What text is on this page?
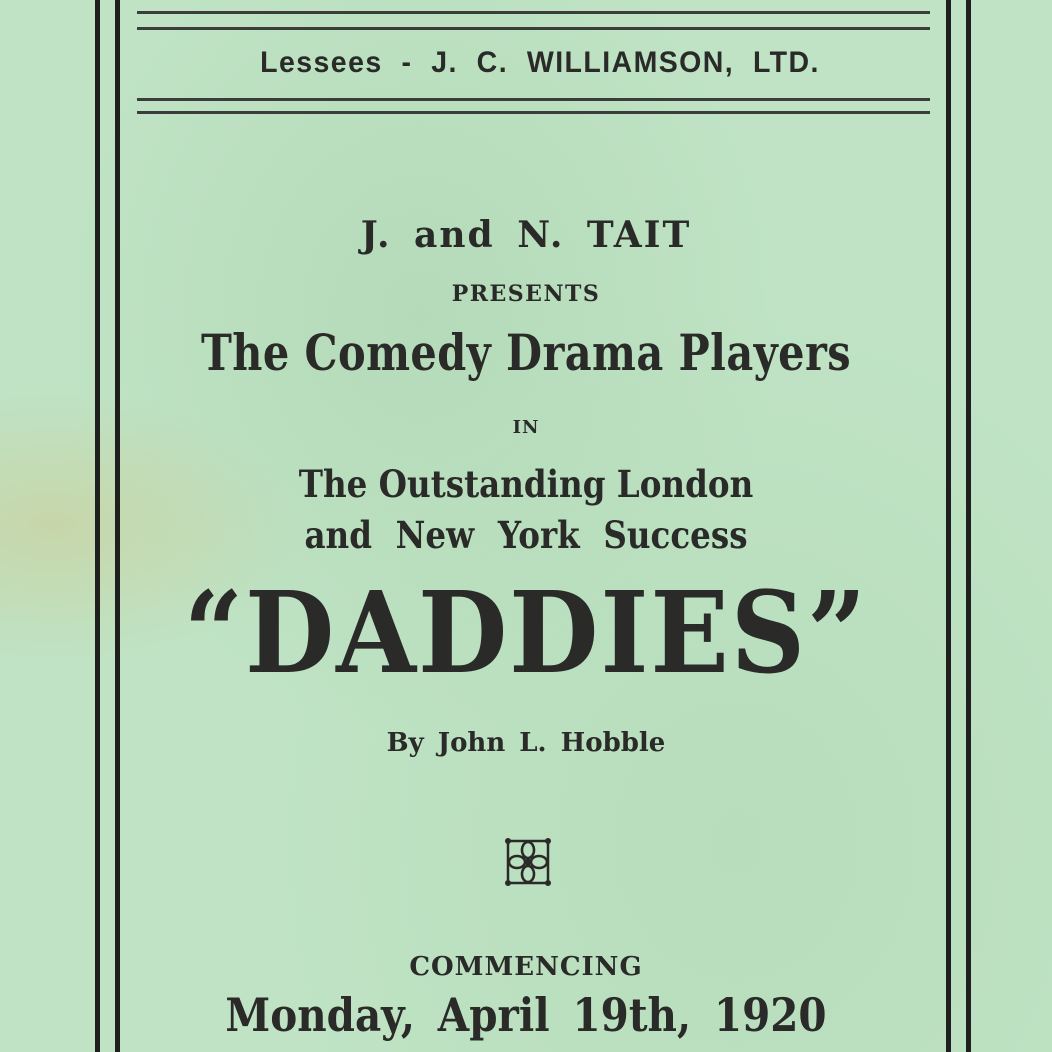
Lessees - J. C. WILLIAMSON, LTD.
J. and N. TAIT
PRESENTS
The Comedy Drama Players
IN
The Outstanding London
and New York Success
“DADDIES”
By John L. Hobble
COMMENCING
Monday, April 19th, 1920
